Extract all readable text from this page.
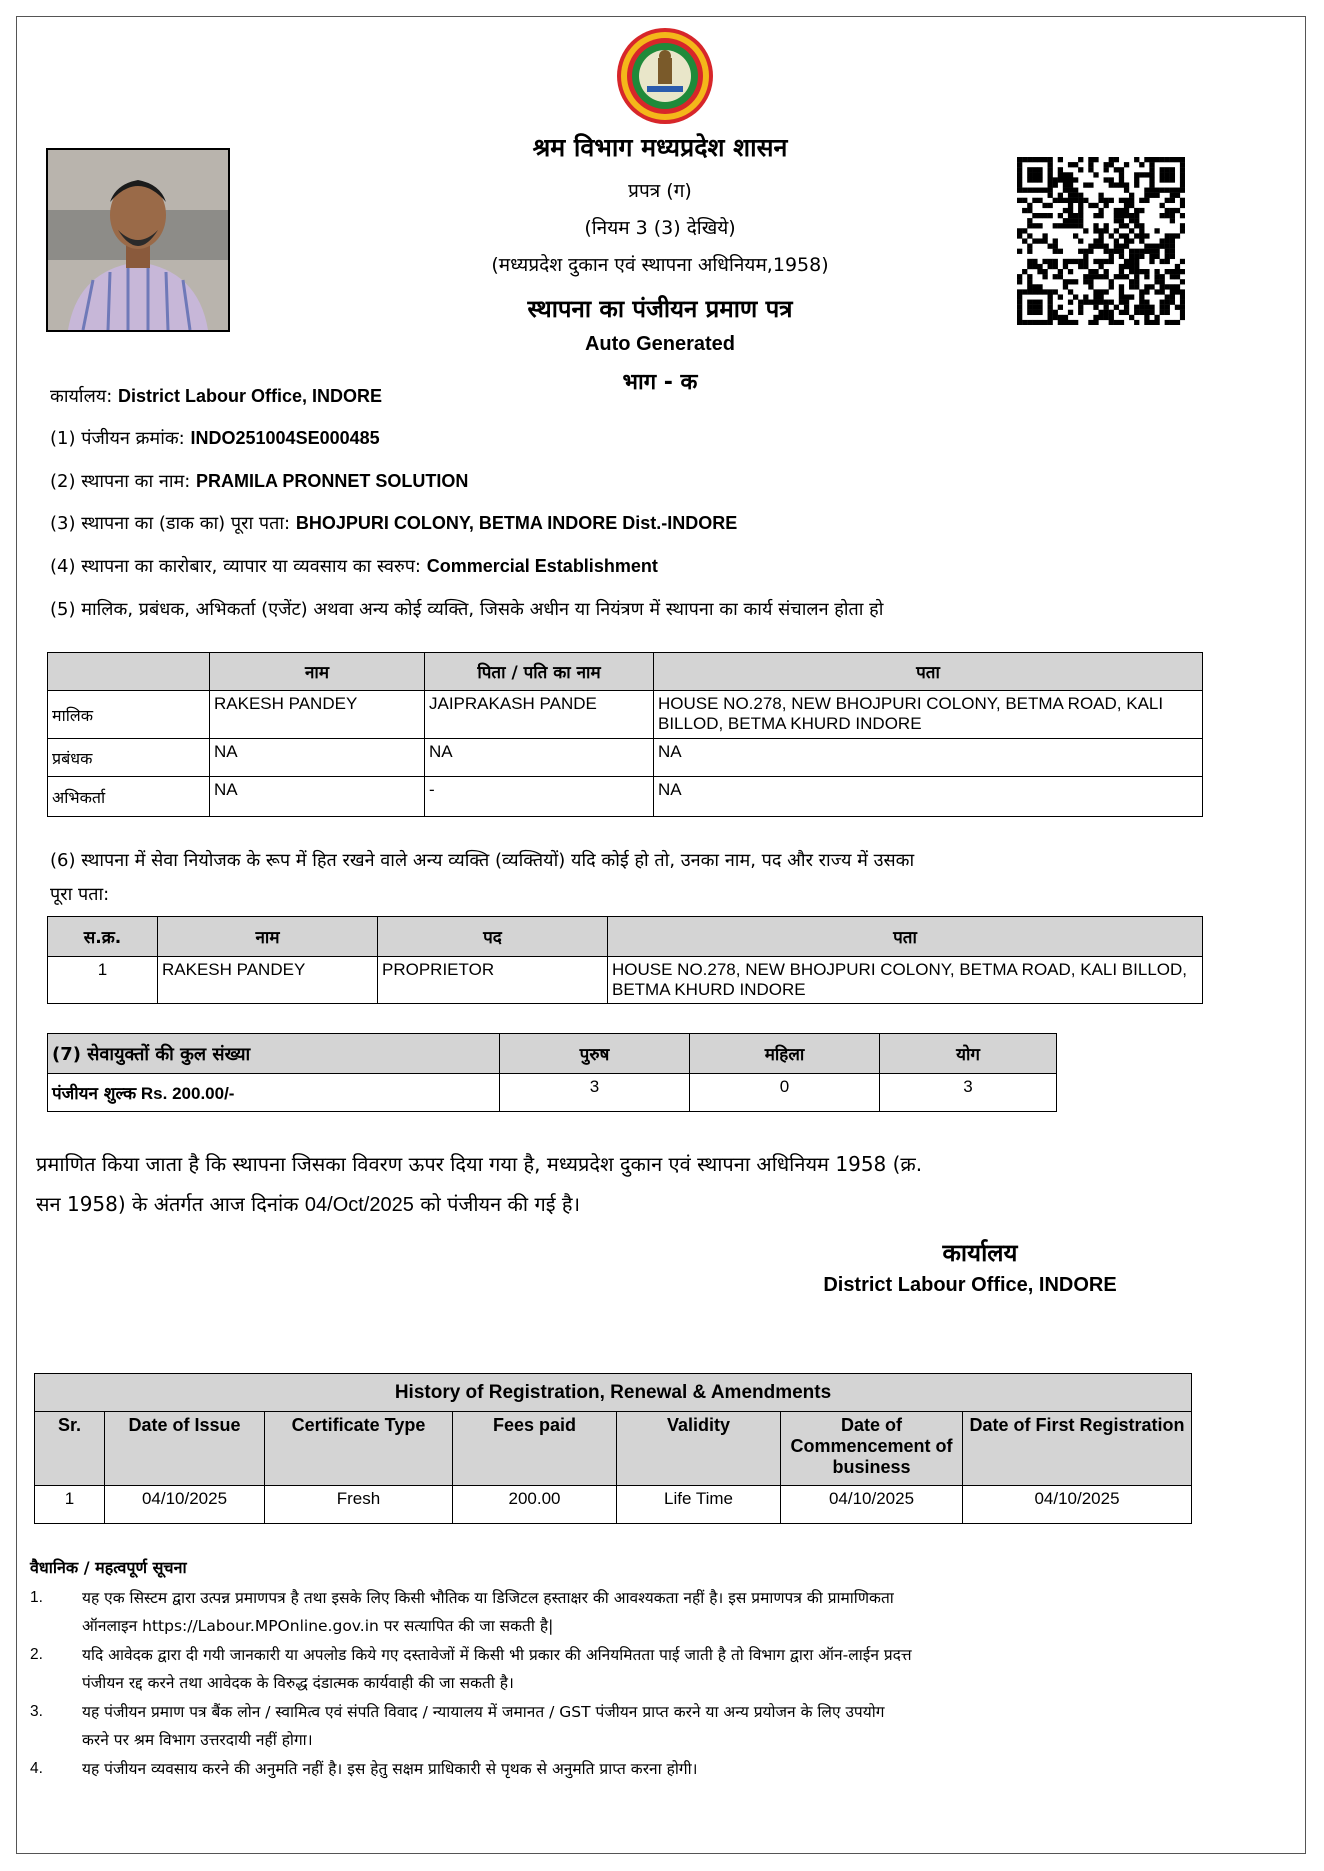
श्रम विभाग मध्यप्रदेश शासन
प्रपत्र (ग)
(नियम 3 (3) देखिये)
(मध्यप्रदेश दुकान एवं स्थापना अधिनियम,1958)
स्थापना का पंजीयन प्रमाण पत्र
Auto Generated
भाग - क
कार्यालय: District Labour Office, INDORE
(1) पंजीयन क्रमांक: INDO251004SE000485
(2) स्थापना का नाम: PRAMILA PRONNET SOLUTION
(3) स्थापना का (डाक का) पूरा पता: BHOJPURI COLONY, BETMA INDORE Dist.-INDORE
(4) स्थापना का कारोबार, व्यापार या व्यवसाय का स्वरुप: Commercial Establishment
(5) मालिक, प्रबंधक, अभिकर्ता (एजेंट) अथवा अन्य कोई व्यक्ति, जिसके अधीन या नियंत्रण में स्थापना का कार्य संचालन होता हो
	नाम	पिता / पति का नाम	पता
मालिक	RAKESH PANDEY	JAIPRAKASH PANDE	HOUSE NO.278, NEW BHOJPURI COLONY, BETMA ROAD, KALI BILLOD, BETMA KHURD INDORE
प्रबंधक	NA	NA	NA
अभिकर्ता	NA	-	NA
(6) स्थापना में सेवा नियोजक के रूप में हित रखने वाले अन्य व्यक्ति (व्यक्तियों) यदि कोई हो तो, उनका नाम, पद और राज्य में उसका
पूरा पता:
स.क्र.	नाम	पद	पता
1	RAKESH PANDEY	PROPRIETOR	HOUSE NO.278, NEW BHOJPURI COLONY, BETMA ROAD, KALI BILLOD, BETMA KHURD INDORE
(7) सेवायुक्तों की कुल संख्या	पुरुष	महिला	योग
पंजीयन शुल्क Rs. 200.00/-	3	0	3
प्रमाणित किया जाता है कि स्थापना जिसका विवरण ऊपर दिया गया है, मध्यप्रदेश दुकान एवं स्थापना अधिनियम 1958 (क्र.
सन 1958) के अंतर्गत आज दिनांक 04/Oct/2025 को पंजीयन की गई है।
कार्यालय
District Labour Office, INDORE
History of Registration, Renewal & Amendments						
Sr.	Date of Issue	Certificate Type	Fees paid	Validity	Date of Commencement of business	Date of First Registration
1	04/10/2025	Fresh	200.00	Life Time	04/10/2025	04/10/2025
वैधानिक / महत्वपूर्ण सूचना
1.	यह एक सिस्टम द्वारा उत्पन्न प्रमाणपत्र है तथा इसके लिए किसी भौतिक या डिजिटल हस्ताक्षर की आवश्यकता नहीं है। इस प्रमाणपत्र की प्रामाणिकता
ऑनलाइन https://Labour.MPOnline.gov.in पर सत्यापित की जा सकती है|
2.	यदि आवेदक द्वारा दी गयी जानकारी या अपलोड किये गए दस्तावेजों में किसी भी प्रकार की अनियमितता पाई जाती है तो विभाग द्वारा ऑन-लाईन प्रदत्त
पंजीयन रद्द करने तथा आवेदक के विरुद्ध दंडात्मक कार्यवाही की जा सकती है।
3.	यह पंजीयन प्रमाण पत्र बैंक लोन / स्वामित्व एवं संपति विवाद / न्यायालय में जमानत / GST पंजीयन प्राप्त करने या अन्य प्रयोजन के लिए उपयोग
करने पर श्रम विभाग उत्तरदायी नहीं होगा।
4.	यह पंजीयन व्यवसाय करने की अनुमति नहीं है। इस हेतु सक्षम प्राधिकारी से पृथक से अनुमति प्राप्त करना होगी।
